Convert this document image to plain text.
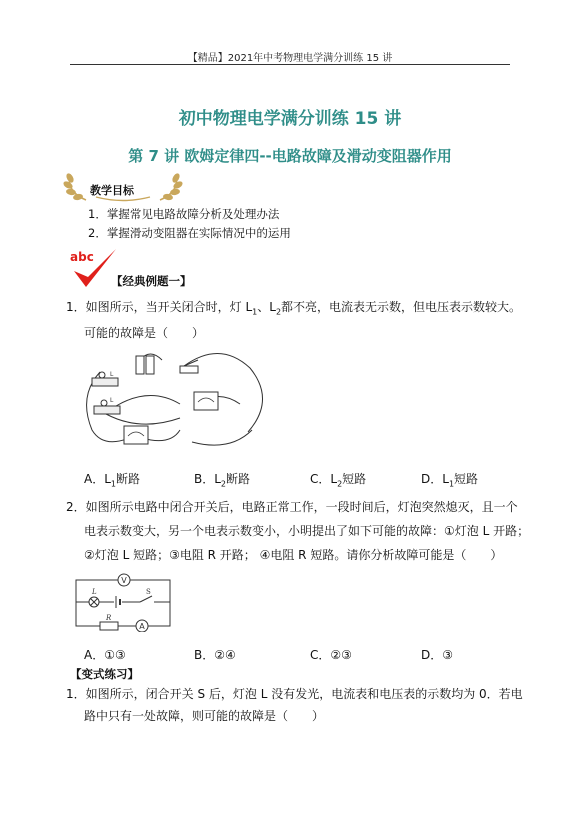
【精品】2021年中考物理电学满分训练 15 讲
初中物理电学满分训练 15 讲
第 7 讲 欧姆定律四--电路故障及滑动变阻器作用
教学目标
1．掌握常见电路故障分析及处理办法
2．掌握滑动变阻器在实际情况中的运用
abc
【经典例题一】
1．如图所示，当开关闭合时，灯 $L_1$、$L_2$都不亮，电流表无示数，但电压表示数较大。
可能的故障是（　　）
L
L
A．$L_1$断路	B．$L_2$断路	C．$L_2$短路	D．$L_1$短路
2．如图所示电路中闭合开关后，电路正常工作，一段时间后，灯泡突然熄灭，且一个
电表示数变大，另一个电表示数变小，小明提出了如下可能的故障：①灯泡 L 开路；
②灯泡 L 短路；③电阻 R 开路； ④电阻 R 短路。请你分析故障可能是（　　）
V
L	S
R
A
A．①③	B．②④	C．②③	D．③
【变式练习】
1．如图所示，闭合开关 S 后，灯泡 L 没有发光，电流表和电压表的示数均为 0．若电
路中只有一处故障，则可能的故障是（　　）
